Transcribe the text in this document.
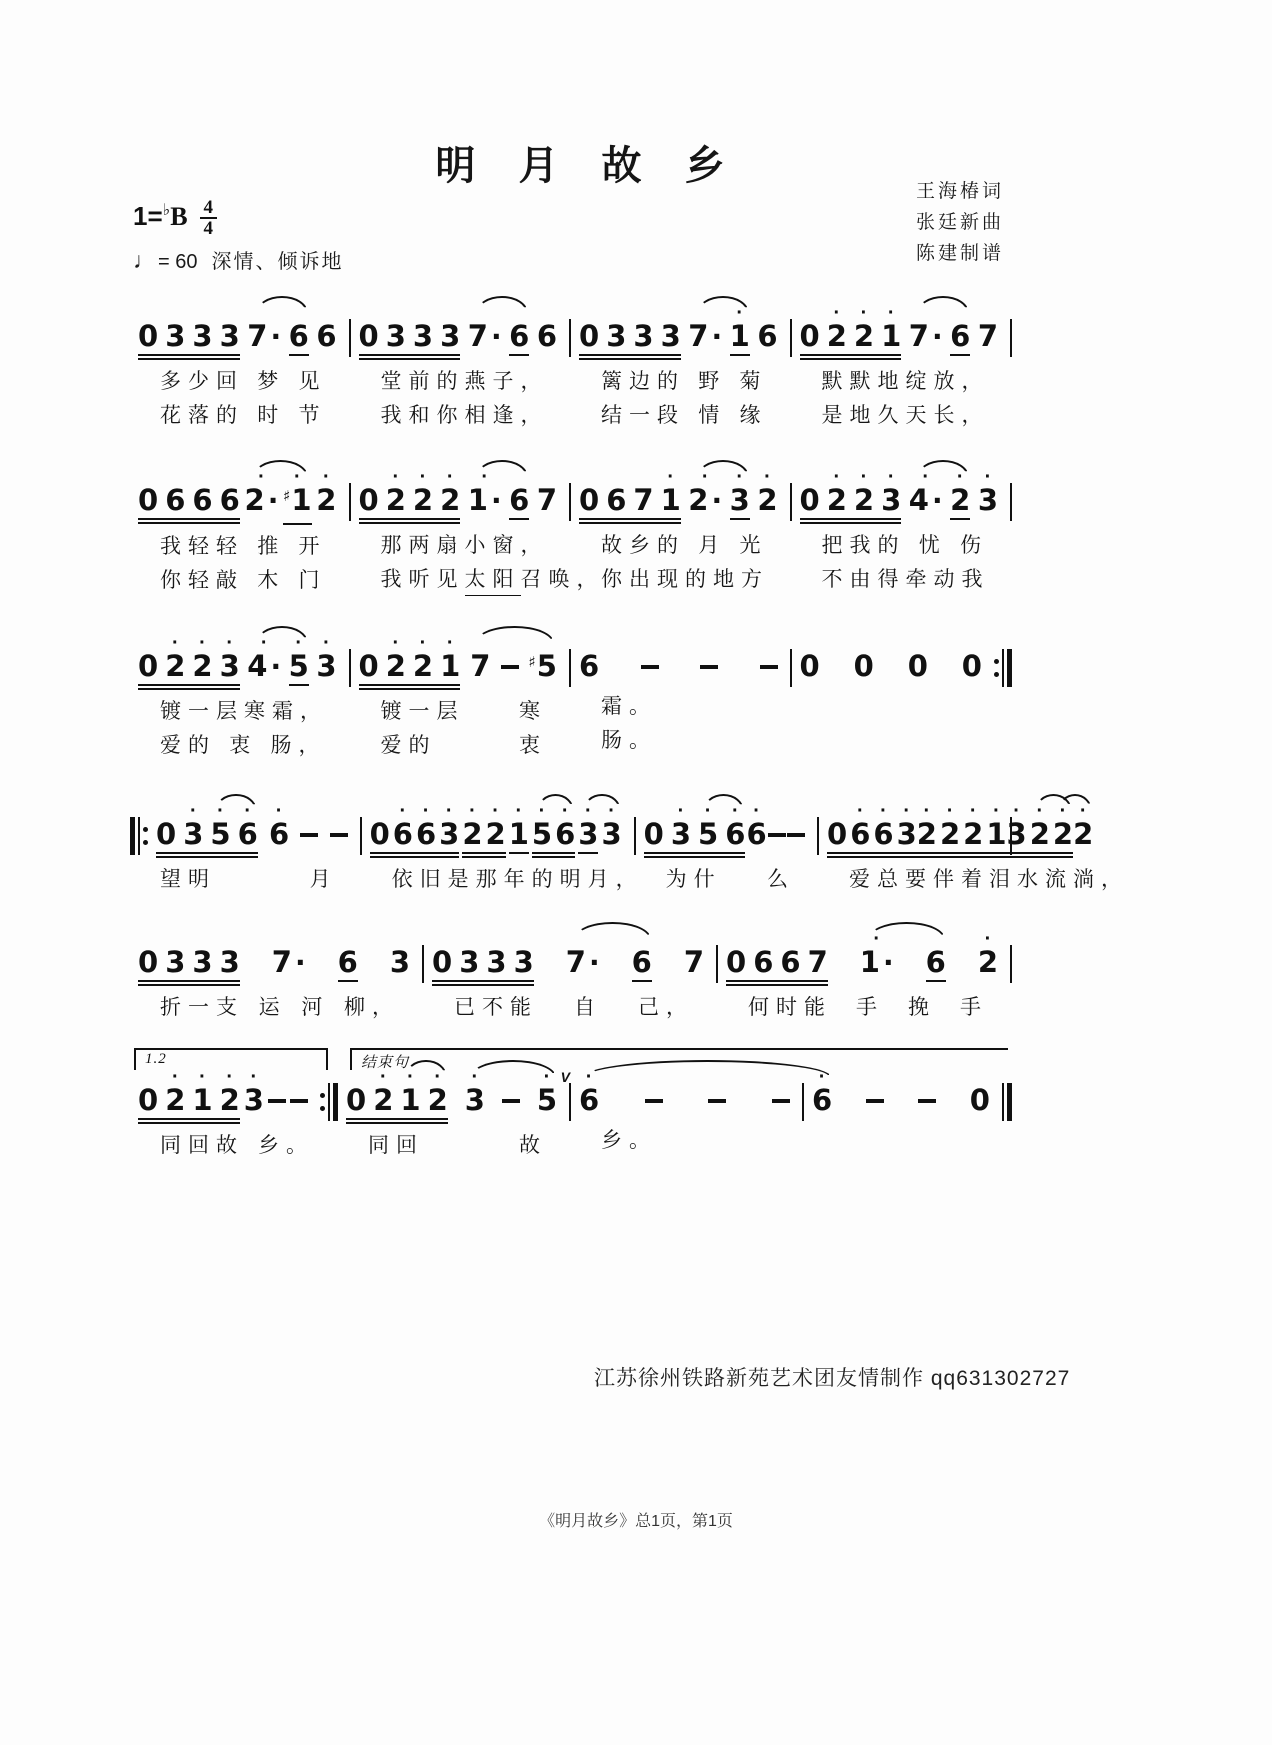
明 月 故 乡
王海椿词
张廷新曲
陈建制谱
$1=^♭B \frac{4}{4}$
♩ = 60 深情、倾诉地

0
3
3
3
7 ·
6
6
多少回 梦 见
花落的 时 节

0
3
3
3
7 ·
6
6
堂前的 燕 子，
我和你 相 逢，

0
3
3
3
7 ·
·
1
6
篱边的 野 菊
结一段 情 缘

0
·
2
·
2
·
1
7 ·
6
7
默默地 绽 放，
是地久天 长，

0
6
6
6
·
2 ·
·
♯1
·
2
我轻轻 推 开
你轻敲 木 门

0
·
2
·
2
·
2
·
1 ·
6
7
那两扇 小 窗，
我听见 太阳 召 唤，

0
6
7
·
1
·
2 ·
·
3
·
2
故乡的 月 光
你出现 的 地 方

0
·
2
·
2
·
3
·
4 ·
·
2
·
3
把我的 忧 伤
不由得 牵 动 我

0
·
2
·
2
·
3
·
4 ·
·
5
·
3
镀一层 寒 霜，
爱的 衷 肠，

0
·
2
·
2
·
1
7

	♯5
镀一层	寒
爱的	衷

6

霜。
肠。

0
0
0
0

0
·
3
·
5
·
6
·
6

望明	月

0
·
6
·
6
·
3
·
2
·
2
·
1
·
5
·
6
·
3
·
3
依旧是 那年 的 明 月，

0
·
3
·
5
·
6
·
6

为什 么

0
·
6
·
6
·
3
·
2
·
2
·
2
·
1
·
3
·
2
·
2
·
2
爱总要 伴着泪水 流 淌，

0
3
3
3
7 ·
6
3
折一支 运 河 柳，

0
3
3
3
7 ·
6
7
已不能 自 己，

0
6
6
7
·
1 ·
6
·
2
何时能 手 挽 手

0
·
2
·
1
·
2
·
3

同回故 乡。

0
·
2
·
1
·
2
·
3

·
5
V
同回	故
·
6

乡。
·
6

	0
1.2	结束句
江苏徐州铁路新苑艺术团友情制作 qq631302727
《明月故乡》总1页，第1页
